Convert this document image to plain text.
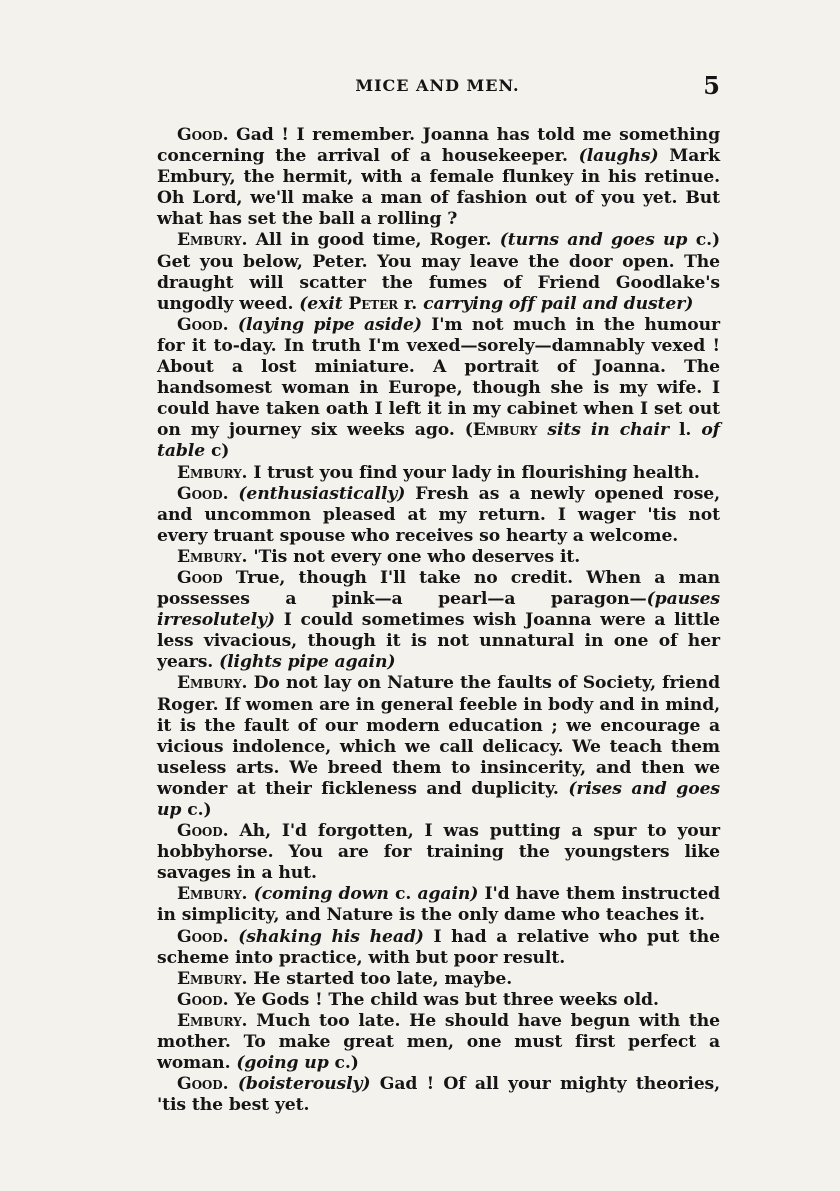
MICE AND MEN.	5

Good. Gad ! I remember. Joanna has told me something concerning the arrival of a housekeeper. (laughs) Mark Embury, the hermit, with a female flunkey in his retinue. Oh Lord, we'll make a man of fashion out of you yet. But what has set the ball a rolling ?

Embury. All in good time, Roger. (turns and goes up c.) Get you below, Peter. You may leave the door open. The draught will scatter the fumes of Friend Goodlake's ungodly weed. (exit Peter r. carrying off pail and duster)

Good. (laying pipe aside) I'm not much in the humour for it to-day. In truth I'm vexed—sorely—damnably vexed ! About a lost miniature. A portrait of Joanna. The handsomest woman in Europe, though she is my wife. I could have taken oath I left it in my cabinet when I set out on my journey six weeks ago. (Embury sits in chair l. of table c)

Embury. I trust you find your lady in flourishing health.

Good. (enthusiastically) Fresh as a newly opened rose, and uncommon pleased at my return. I wager 'tis not every truant spouse who receives so hearty a welcome.

Embury. 'Tis not every one who deserves it.

Good True, though I'll take no credit. When a man possesses a pink—a pearl—a paragon—(pauses irresolutely) I could sometimes wish Joanna were a little less vivacious, though it is not unnatural in one of her years. (lights pipe again)

Embury. Do not lay on Nature the faults of Society, friend Roger. If women are in general feeble in body and in mind, it is the fault of our modern education ; we encourage a vicious indolence, which we call delicacy. We teach them useless arts. We breed them to insincerity, and then we wonder at their fickleness and duplicity. (rises and goes up c.)

Good. Ah, I'd forgotten, I was putting a spur to your hobbyhorse. You are for training the youngsters like savages in a hut.

Embury. (coming down c. again) I'd have them instructed in simplicity, and Nature is the only dame who teaches it.

Good. (shaking his head) I had a relative who put the scheme into practice, with but poor result.

Embury. He started too late, maybe.

Good. Ye Gods ! The child was but three weeks old.

Embury. Much too late. He should have begun with the mother. To make great men, one must first perfect a woman. (going up c.)

Good. (boisterously) Gad ! Of all your mighty theories, 'tis the best yet.
